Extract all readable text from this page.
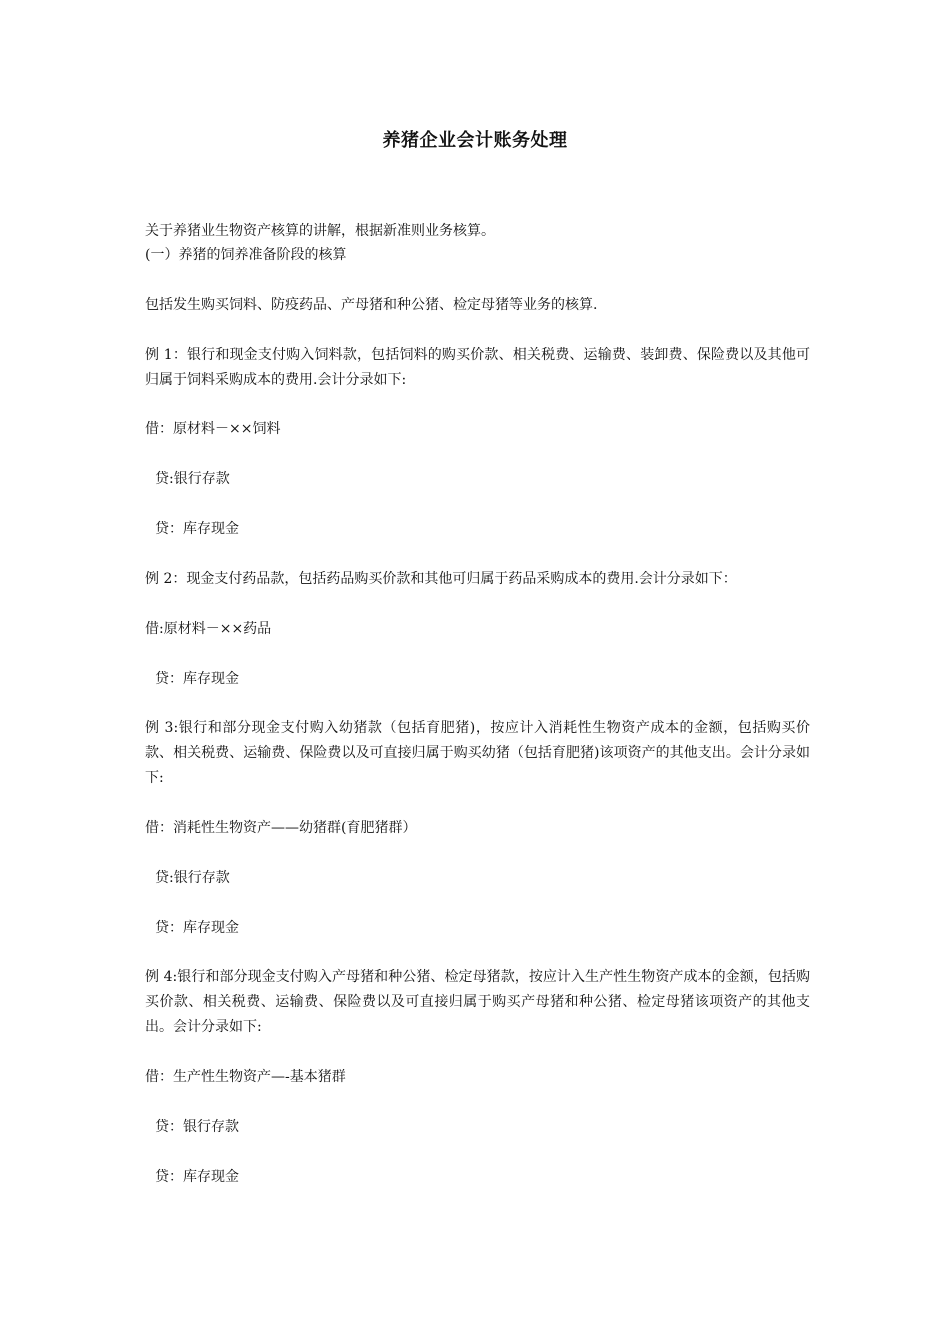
养猪企业会计账务处理
关于养猪业生物资产核算的讲解，根据新准则业务核算。
(一）养猪的饲养准备阶段的核算
包括发生购买饲料、防疫药品、产母猪和种公猪、检定母猪等业务的核算.
例 1：银行和现金支付购入饲料款，包括饲料的购买价款、相关税费、运输费、装卸费、保险费以及其他可归属于饲料采购成本的费用.会计分录如下:
借：原材料－××饲料
贷:银行存款
贷：库存现金
例 2：现金支付药品款，包括药品购买价款和其他可归属于药品采购成本的费用.会计分录如下：
借:原材料－××药品
贷：库存现金
例 3:银行和部分现金支付购入幼猪款（包括育肥猪)，按应计入消耗性生物资产成本的金额，包括购买价款、相关税费、运输费、保险费以及可直接归属于购买幼猪（包括育肥猪)该项资产的其他支出。会计分录如下:
借：消耗性生物资产——幼猪群(育肥猪群）
贷:银行存款
贷：库存现金
例 4:银行和部分现金支付购入产母猪和种公猪、检定母猪款，按应计入生产性生物资产成本的金额，包括购买价款、相关税费、运输费、保险费以及可直接归属于购买产母猪和种公猪、检定母猪该项资产的其他支出。会计分录如下:
借：生产性生物资产—-基本猪群
贷：银行存款
贷：库存现金
